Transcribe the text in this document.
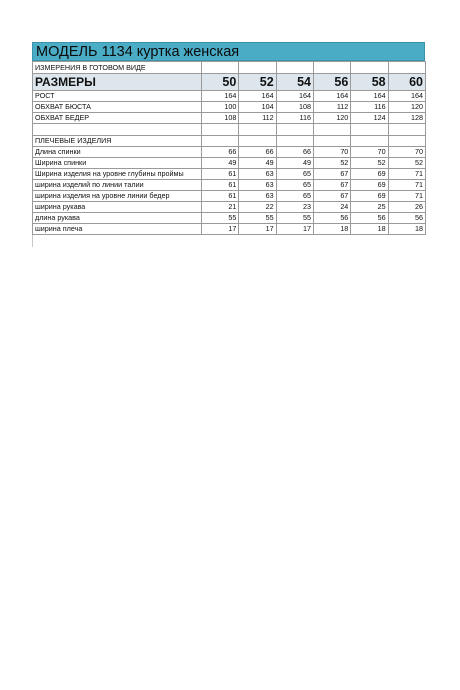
МОДЕЛЬ 1134 куртка женская
ИЗМЕРЕНИЯ В ГОТОВОМ ВИДЕ						
РАЗМЕРЫ	50	52	54	56	58	60
РОСТ	164	164	164	164	164	164
ОБХВАТ БЮСТА	100	104	108	112	116	120
ОБХВАТ БЕДЕР	108	112	116	120	124	128

ПЛЕЧЕВЫЕ ИЗДЕЛИЯ						
Длина спинки	66	66	66	70	70	70
Ширина спинки	49	49	49	52	52	52
Ширина изделия на уровне глубины проймы	61	63	65	67	69	71
ширина изделий по линии талии	61	63	65	67	69	71
ширина изделия на уровне линии бедер	61	63	65	67	69	71
ширина рукава	21	22	23	24	25	26
длина рукава	55	55	55	56	56	56
ширина плеча	17	17	17	18	18	18
